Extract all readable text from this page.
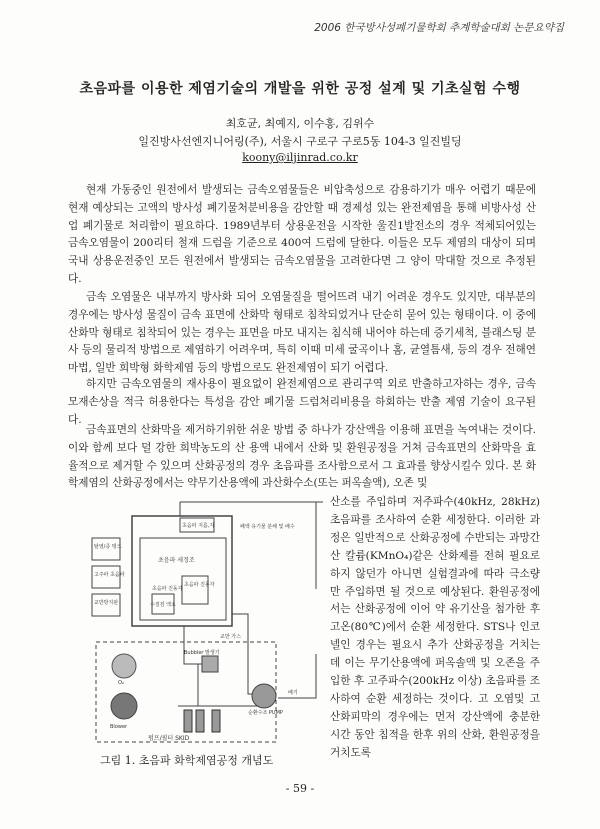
2006 한국방사성폐기물학회 추계학술대회 논문요약집
초음파를 이용한 제염기술의 개발을 위한 공정 설계 및 기초실험 수행
최호균, 최예지, 이수홍, 김위수
일진방사선엔지니어링(주), 서울시 구로구 구로5동 104-3 일진빌딩
koony@iljinrad.co.kr

현재 가동중인 원전에서 발생되는 금속오염물들은 비압축성으로 감용하기가 매우 어렵기 때문에 현재 예상되는 고액의 방사성 폐기물처분비용을 감안할 때 경제성 있는 완전제염을 통해 비방사성 산업 폐기물로 처리함이 필요하다. 1989년부터 상용운전을 시작한 울진1발전소의 경우 적체되어있는 금속오염물이 200리터 철재 드럼을 기준으로 400여 드럼에 달한다. 이들은 모두 제염의 대상이 되며 국내 상용운전중인 모든 원전에서 발생되는 금속오염물을 고려한다면 그 양이 막대할 것으로 추정된다.

금속 오염물은 내부까지 방사화 되어 오염물질을 떨어뜨려 내기 어려운 경우도 있지만, 대부분의 경우에는 방사성 물질이 금속 표면에 산화막 형태로 침착되었거나 단순히 묻어 있는 형태이다. 이 중에 산화막 형태로 침착되어 있는 경우는 표면을 마모 내지는 침식해 내어야 하는데 증기세척, 블래스팅 분사 등의 물리적 방법으로 제염하기 어려우며, 특히 이때 미세 굴곡이나 홈, 균열틈새, 등의 경우 전해연마법, 일반 희박형 화학제염 등의 방법으로도 완전제염이 되기 어렵다.

하지만 금속오염물의 재사용이 필요없이 완전제염으로 관리구역 외로 반출하고자하는 경우, 금속모재손상을 적극 허용한다는 특성을 감안 폐기물 드럼처리비용을 하회하는 반출 제염 기술이 요구된다.

금속표면의 산화막을 제거하기위한 쉬운 방법 중 하나가 강산액을 이용해 표면을 녹여내는 것이다. 이와 함께 보다 덜 강한 희박농도의 산 용액 내에서 산화 및 환원공정을 거쳐 금속표면의 산화막을 효율적으로 제거할 수 있으며 산화공정의 경우 초음파를 조사함으로서 그 효과를 향상시킬수 있다. 본 화학제염의 산화공정에서는 약무기산용액에 과산화수소(또는 퍼옥솔액), 오존 및

산소를 주입하며 저주파수(40kHz, 28kHz) 초음파를 조사하여 순환 세정한다. 이러한 과정은 일반적으로 산화공정에 수반되는 과망간산 칼륨(KMnO₄)같은 산화제를 전혀 필요로 하지 않던가 아니면 실험결과에 따라 극소량만 주입하면 될 것으로 예상된다. 환원공정에서는 산화공정에 이어 약 유기산을 첨가한 후 고온(80℃)에서 순환 세정한다. STS나 인코넬인 경우는 필요시 추가 산화공정을 거치는데 이는 무기산용액에 퍼옥솔액 및 오존을 주입한 후 고주파수(200kHz 이상) 초음파를 조사하여 순환 세정하는 것이다. 고 오염및 고 산화피막의 경우에는 먼저 강산액에 충분한 시간 동안 침적을 한후 위의 산화, 환원공정을 거치도록

초음파 지름,지
탈염/증 탱크
고주파 초음파
교반방지판
초음파 세정조
초음파 진동자
초음파 진동자
수질검 액조
폐액 유기물 분해 및 배수
교반 가스
O₂
Bubbler 발생기
Blower
순환수조 PUMP
펌프/필터 SKID
배기
그림 1. 초음파 화학제염공정 개념도
- 59 -
